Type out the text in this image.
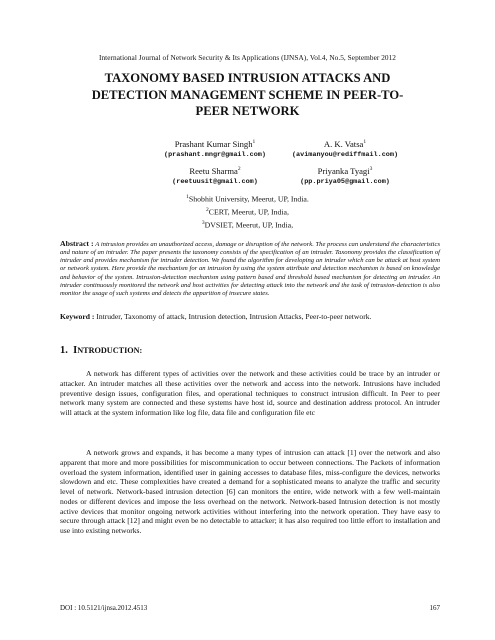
International Journal of Network Security & Its Applications (IJNSA), Vol.4, No.5, September 2012
TAXONOMY BASED INTRUSION ATTACKS AND
DETECTION MANAGEMENT SCHEME IN PEER-TO-
PEER NETWORK
Prashant Kumar Singh$^1$
(prashant.mngr@gmail.com)
A. K. Vatsa$^1$
(avimanyou@rediffmail.com)
Reetu Sharma$^2$
(reetuusit@gmail.com)
Priyanka Tyagi$^3$
(pp.priya05@gmail.com)
$^1$Shobhit University, Meerut, UP, India.
$^2$CERT, Meerut, UP, India,
$^3$DVSIET, Meerut, UP, India,
Abstract : A intrusion provides an unauthorized access, damage or disruption of the network. The process can understand the characteristics and nature of an intruder. The paper presents the taxonomy consists of the specification of an intruder. Taxonomy provides the classification of intruder and provides mechanism for intruder detection. We found the algorithm for developing an intruder which can be attack at host system or network system. Here provide the mechanism for an intrusion by using the system attribute and detection mechanism is based on knowledge and behavior of the system. Intrusion-detection mechanism using pattern based and threshold based mechanism for detecting an intruder. An intruder continuously monitored the network and host activities for detecting attack into the network and the task of intrusion-detection is also monitor the usage of such systems and detects the apparition of insecure states.
Keyword : Intruder, Taxonomy of attack, Intrusion detection, Intrusion Attacks, Peer-to-peer network.
1. INTRODUCTION:
A network has different types of activities over the network and these activities could be trace by an intruder or attacker. An intruder matches all these activities over the network and access into the network. Intrusions have included preventive design issues, configuration files, and operational techniques to construct intrusion difficult. In Peer to peer network many system are connected and these systems have host id, source and destination address protocol. An intruder will attack at the system information like log file, data file and configuration file etc
A network grows and expands, it has become a many types of intrusion can attack [1] over the network and also apparent that more and more possibilities for miscommunication to occur between connections. The Packets of information overload the system information, identified user in gaining accesses to database files, miss-configure the devices, networks slowdown and etc. These complexities have created a demand for a sophisticated means to analyze the traffic and security level of network. Network-based intrusion detection [6] can monitors the entire, wide network with a few well-maintain nodes or different devices and impose the less overhead on the network. Network-based Intrusion detection is not mostly active devices that monitor ongoing network activities without interfering into the network operation. They have easy to secure through attack [12] and might even be no detectable to attacker; it has also required too little effort to installation and use into existing networks.
DOI : 10.5121/ijnsa.2012.4513	167
